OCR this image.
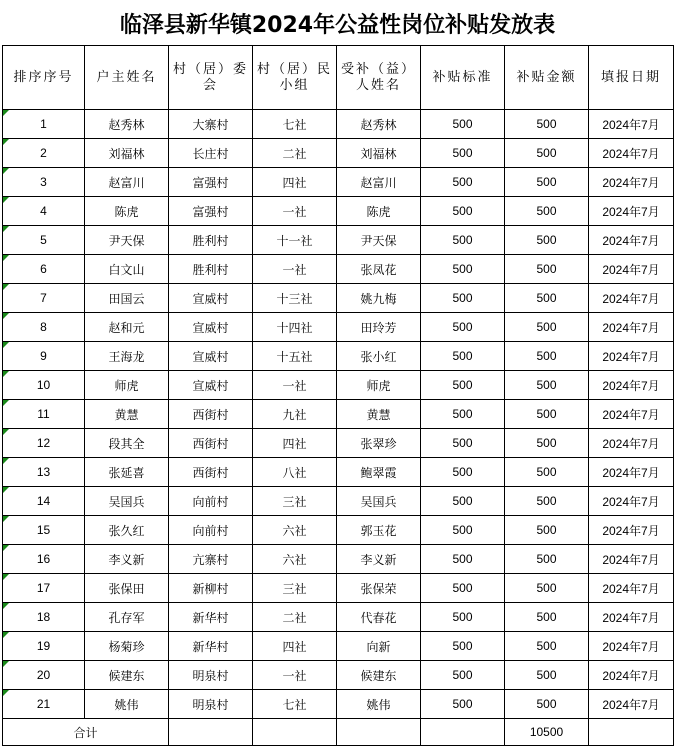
临泽县新华镇2024年公益性岗位补贴发放表
排序序号	户主姓名	村（居）委会	村（居）民小组	受补（益）人姓名	补贴标准	补贴金额	填报日期

1	赵秀林	大寨村	七社	赵秀林	500	500	2024年7月

2	刘福林	长庄村	二社	刘福林	500	500	2024年7月

3	赵富川	富强村	四社	赵富川	500	500	2024年7月

4	陈虎	富强村	一社	陈虎	500	500	2024年7月

5	尹天保	胜利村	十一社	尹天保	500	500	2024年7月

6	白文山	胜利村	一社	张凤花	500	500	2024年7月

7	田国云	宣威村	十三社	姚九梅	500	500	2024年7月

8	赵和元	宣威村	十四社	田玲芳	500	500	2024年7月

9	王海龙	宣威村	十五社	张小红	500	500	2024年7月

10	师虎	宣威村	一社	师虎	500	500	2024年7月

11	黄慧	西街村	九社	黄慧	500	500	2024年7月

12	段其全	西街村	四社	张翠珍	500	500	2024年7月

13	张延喜	西街村	八社	鲍翠霞	500	500	2024年7月

14	吴国兵	向前村	三社	吴国兵	500	500	2024年7月

15	张久红	向前村	六社	郭玉花	500	500	2024年7月

16	李义新	亢寨村	六社	李义新	500	500	2024年7月

17	张保田	新柳村	三社	张保荣	500	500	2024年7月

18	孔存军	新华村	二社	代春花	500	500	2024年7月

19	杨菊珍	新华村	四社	向新	500	500	2024年7月

20	候建东	明泉村	一社	候建东	500	500	2024年7月

21	姚伟	明泉村	七社	姚伟	500	500	2024年7月
合计						10500	
